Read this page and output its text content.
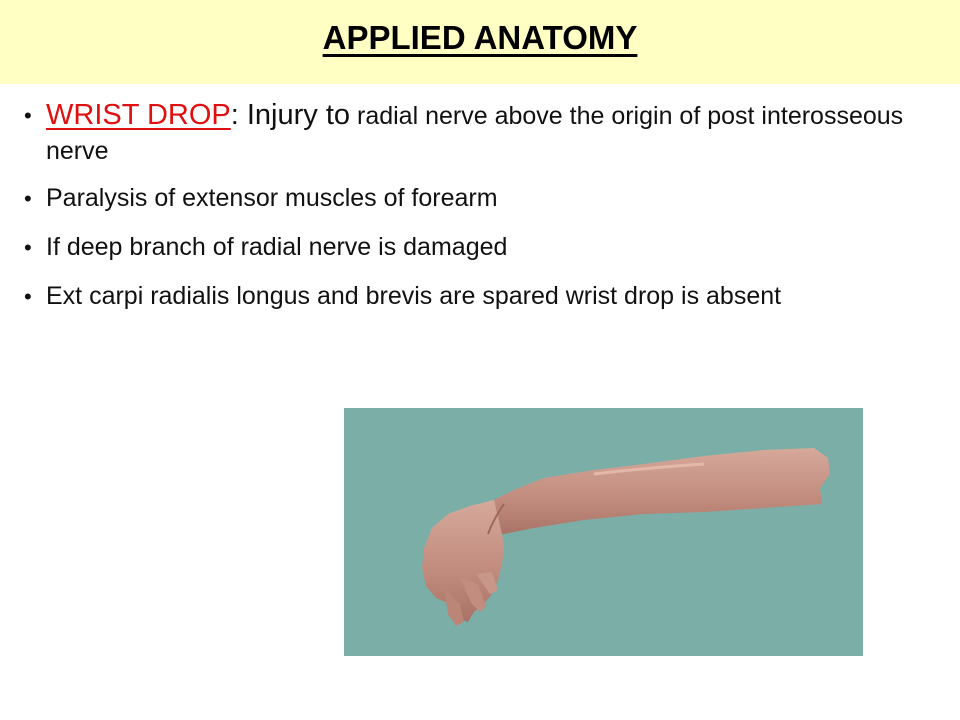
APPLIED ANATOMY
• WRIST DROP: Injury to radial nerve above the origin of post interosseous nerve
• Paralysis of extensor muscles of forearm
• If deep branch of radial nerve is damaged
• Ext carpi radialis longus and brevis are spared wrist drop is absent
